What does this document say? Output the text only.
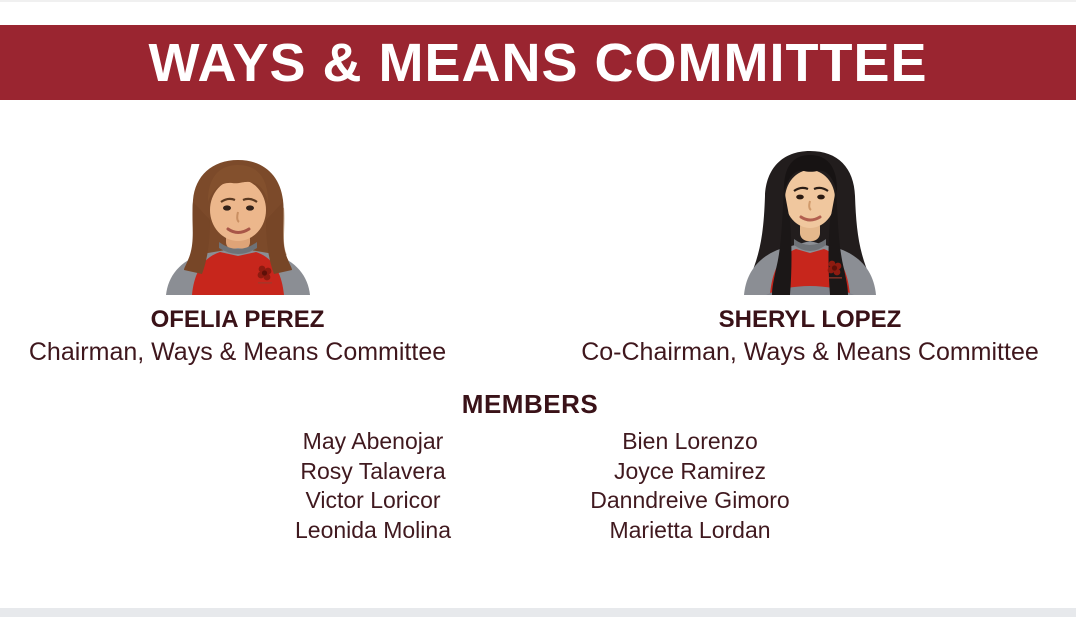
WAYS & MEANS COMMITTEE
OFELIA PEREZ
Chairman, Ways & Means Committee
SHERYL LOPEZ
Co-Chairman, Ways & Means Committee
MEMBERS
May Abenojar
Rosy Talavera
Victor Loricor
Leonida Molina
Bien Lorenzo
Joyce Ramirez
Danndreive Gimoro
Marietta Lordan
